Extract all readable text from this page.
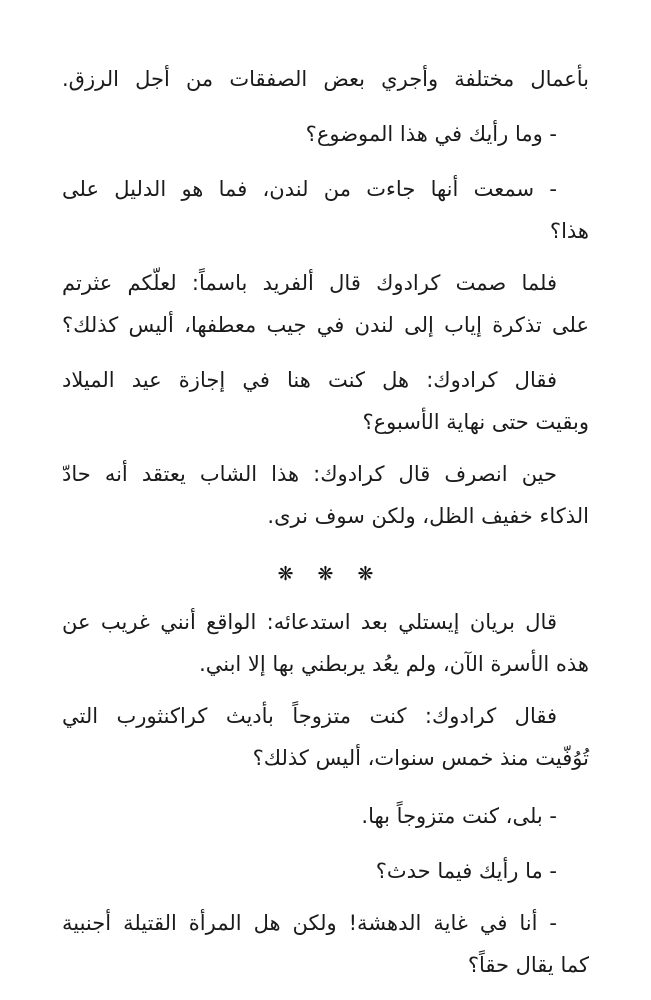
بأعمال مختلفة وأجري بعض الصفقات من أجل الرزق.

- وما رأيك في هذا الموضوع؟

- سمعت أنها جاءت من لندن، فما هو الدليل على

هذا؟

فلما صمت كرادوك قال ألفريد باسماً: لعلّكم عثرتم

على تذكرة إياب إلى لندن في جيب معطفها، أليس كذلك؟

فقال كرادوك: هل كنت هنا في إجازة عيد الميلاد

وبقيت حتى نهاية الأسبوع؟

حين انصرف قال كرادوك: هذا الشاب يعتقد أنه حادّ

الذكاء خفيف الظل، ولكن سوف نرى.

❋ ❋ ❋

قال بريان إيستلي بعد استدعائه: الواقع أنني غريب عن

هذه الأسرة الآن، ولم يعُد يربطني بها إلا ابني.

فقال كرادوك: كنت متزوجاً بأديث كراكنثورب التي

تُوُفّيت منذ خمس سنوات، أليس كذلك؟

- بلى، كنت متزوجاً بها.

- ما رأيك فيما حدث؟

- أنا في غاية الدهشة! ولكن هل المرأة القتيلة أجنبية

كما يقال حقاً؟
